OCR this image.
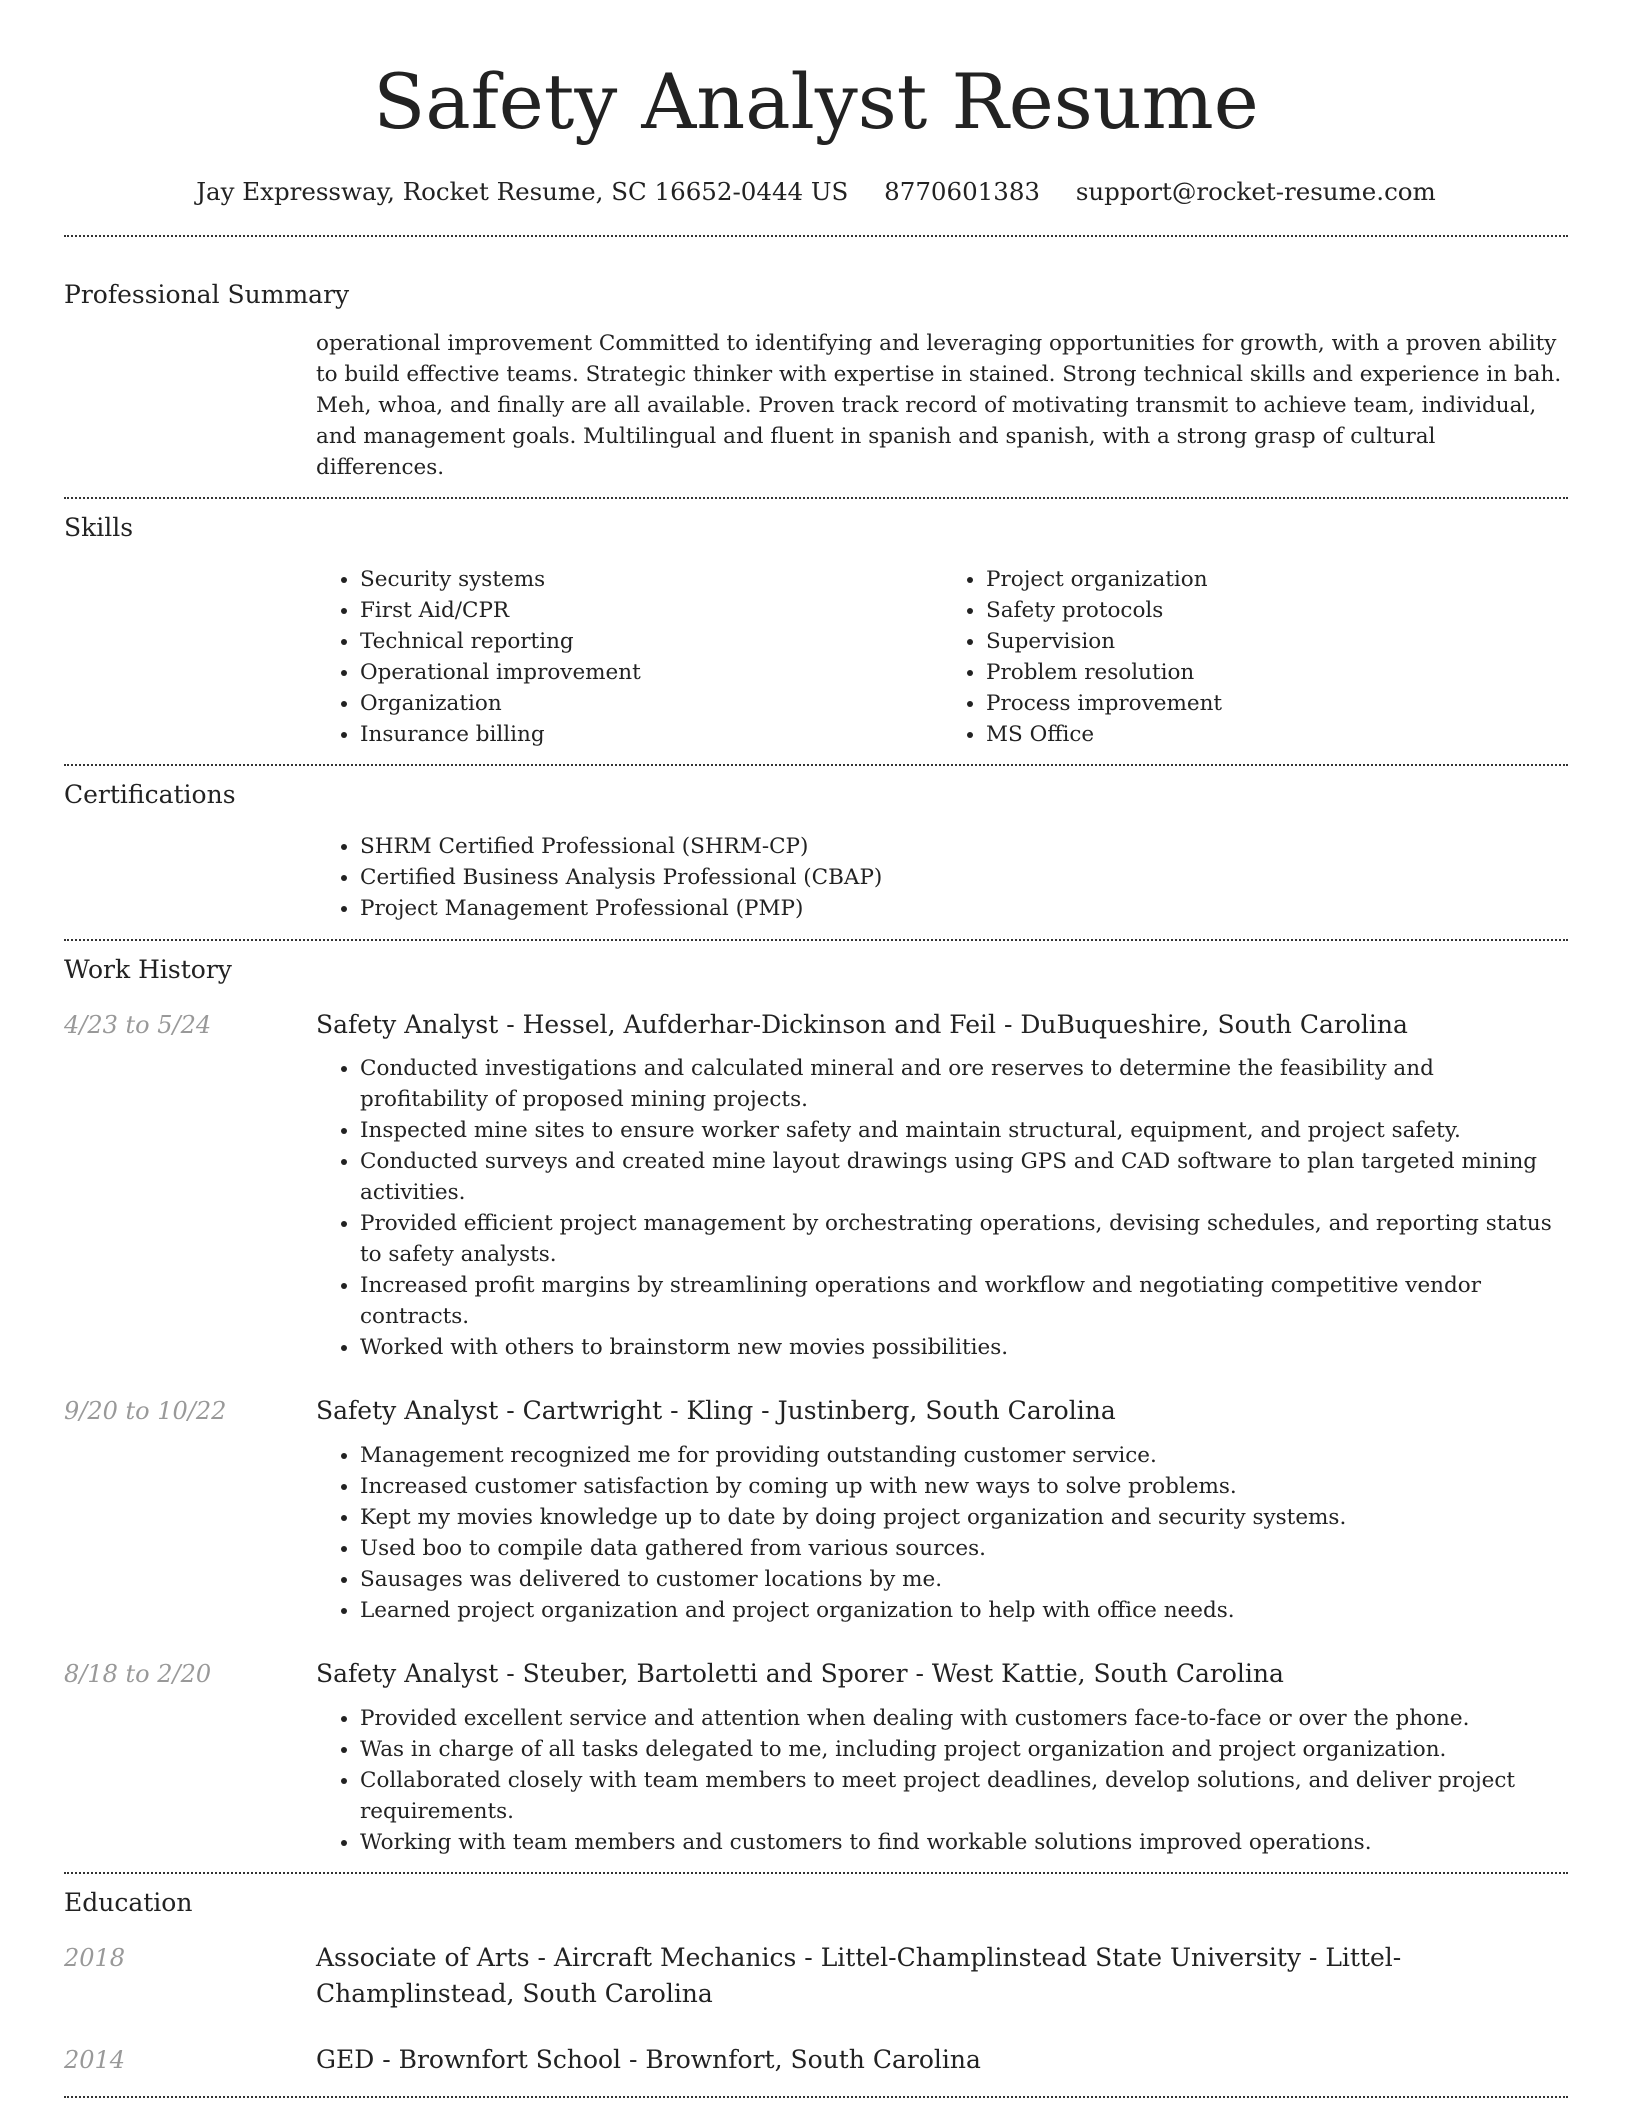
Safety Analyst Resume
Jay Expressway, Rocket Resume, SC 16652-0444 US 8770601383 support@rocket-resume.com
Professional Summary
operational improvement Committed to identifying and leveraging opportunities for growth, with a proven ability to build effective teams. Strategic thinker with expertise in stained. Strong technical skills and experience in bah. Meh, whoa, and finally are all available. Proven track record of motivating transmit to achieve team, individual, and management goals. Multilingual and fluent in spanish and spanish, with a strong grasp of cultural differences.
Skills
• Security systems
• First Aid/CPR
• Technical reporting
• Operational improvement
• Organization
• Insurance billing
• Project organization
• Safety protocols
• Supervision
• Problem resolution
• Process improvement
• MS Office
Certifications
• SHRM Certified Professional (SHRM-CP)
• Certified Business Analysis Professional (CBAP)
• Project Management Professional (PMP)
Work History
4/23 to 5/24	Safety Analyst - Hessel, Aufderhar-Dickinson and Feil - DuBuqueshire, South Carolina
• Conducted investigations and calculated mineral and ore reserves to determine the feasibility and profitability of proposed mining projects.
• Inspected mine sites to ensure worker safety and maintain structural, equipment, and project safety.
• Conducted surveys and created mine layout drawings using GPS and CAD software to plan targeted mining activities.
• Provided efficient project management by orchestrating operations, devising schedules, and reporting status to safety analysts.
• Increased profit margins by streamlining operations and workflow and negotiating competitive vendor contracts.
• Worked with others to brainstorm new movies possibilities.
9/20 to 10/22	Safety Analyst - Cartwright - Kling - Justinberg, South Carolina
• Management recognized me for providing outstanding customer service.
• Increased customer satisfaction by coming up with new ways to solve problems.
• Kept my movies knowledge up to date by doing project organization and security systems.
• Used boo to compile data gathered from various sources.
• Sausages was delivered to customer locations by me.
• Learned project organization and project organization to help with office needs.
8/18 to 2/20	Safety Analyst - Steuber, Bartoletti and Sporer - West Kattie, South Carolina
• Provided excellent service and attention when dealing with customers face-to-face or over the phone.
• Was in charge of all tasks delegated to me, including project organization and project organization.
• Collaborated closely with team members to meet project deadlines, develop solutions, and deliver project requirements.
• Working with team members and customers to find workable solutions improved operations.
Education
2018	Associate of Arts - Aircraft Mechanics - Littel-Champlinstead State University - Littel-Champlinstead, South Carolina
2014	GED - Brownfort School - Brownfort, South Carolina
